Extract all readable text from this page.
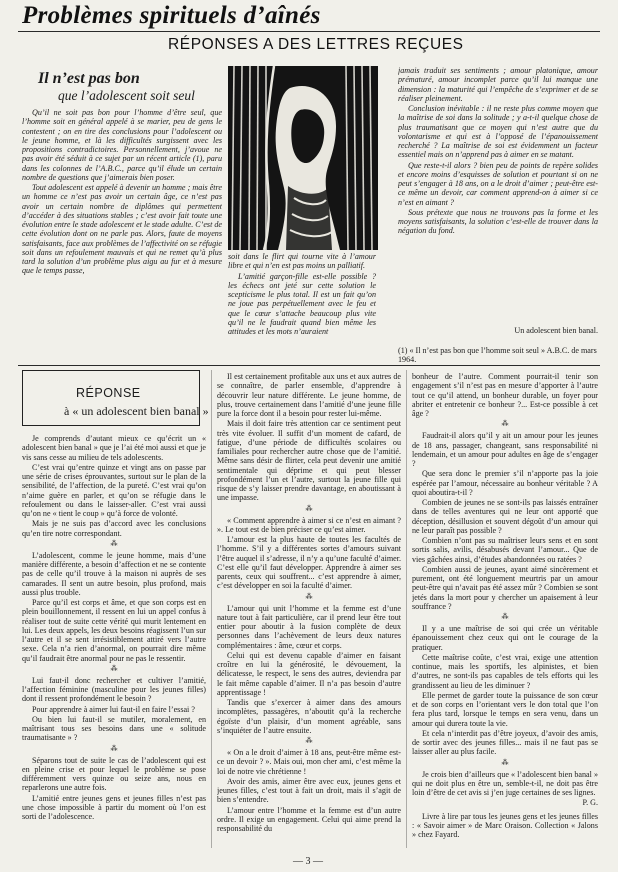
Problèmes spirituels d’aînés
RÉPONSES A DES LETTRES REÇUES
Il n’est pas bon
que l’adolescent soit seul

Qu’il ne soit pas bon pour l’homme d’être seul, que l’homme soit en général appelé à se marier, peu de gens le contestent ; on en tire des conclusions pour l’adolescent ou le jeune homme, et là les difficultés surgissent avec les propositions contradictoires. Personnellement, j’avoue ne pas avoir été séduit à ce sujet par un récent article (1), paru dans les colonnes de l’A.B.C., parce qu’il élude un certain nombre de questions que j’aimerais bien poser.

Tout adolescent est appelé à devenir un homme ; mais être un homme ce n’est pas avoir un certain âge, ce n’est pas avoir un certain nombre de diplômes qui permettent d’accéder à des situations stables ; c’est avoir fait toute une évolution entre le stade adolescent et le stade adulte. C’est de cette évolution dont on ne parle pas. Alors, faute de moyens satisfaisants, face aux problèmes de l’affectivité on se réfugie soit dans un refoulement mauvais et qui ne remet qu’à plus tard la solution d’un problème plus aigu au fur et à mesure que le temps passe,

soit dans le flirt qui tourne vite à l’amour libre et qui n’en est pas moins un palliatif.

L’amitié garçon-fille est-elle possible ? les échecs ont jeté sur cette solution le scepticisme le plus total. Il est un fait qu’on ne joue pas perpétuellement avec le feu et que le cœur s’attache beaucoup plus vite qu’il ne le faudrait quand bien même les attitudes et les mots n’auraient

jamais traduit ses sentiments ; amour platonique, amour prématuré, amour incomplet parce qu’il lui manque une dimension : la maturité qui l’empêche de s’exprimer et de se réaliser pleinement.

Conclusion inévitable : il ne reste plus comme moyen que la maîtrise de soi dans la solitude ; y a-t-il quelque chose de plus traumatisant que ce moyen qui n’est autre que du volontarisme et qui est à l’opposé de l’épanouissement recherché ? La maîtrise de soi est évidemment un facteur essentiel mais on n’apprend pas à aimer en se matant.

Que reste-t-il alors ? bien peu de points de repère solides et encore moins d’esquisses de solution et pourtant si on ne peut s’engager à 18 ans, on a le droit d’aimer ; peut-être est-ce même un devoir, car comment apprend-on à aimer si ce n’est en aimant ?

Sous prétexte que nous ne trouvons pas la forme et les moyens satisfaisants, la solution c’est-elle de trouver dans la négation du fond.

Un adolescent bien banal.
(1) « Il n’est pas bon que l’homme soit seul » A.B.C. de mars 1964.
RÉPONSE
à « un adolescent bien banal »

Je comprends d’autant mieux ce qu’écrit un « adolescent bien banal » que je l’ai été moi aussi et que je vis sans cesse au milieu de tels adolescents.

C’est vrai qu’entre quinze et vingt ans on passe par une série de crises éprouvantes, surtout sur le plan de la sensibilité, de l’affection, de la pureté. C’est vrai qu’on n’aime guère en parler, et qu’on se réfugie dans le refoulement ou dans le laisser-aller. C’est vrai aussi qu’on ne « tient le coup » qu’à force de volonté.

Mais je ne suis pas d’accord avec les conclusions qu’en tire notre correspondant.

⁂

L’adolescent, comme le jeune homme, mais d’une manière différente, a besoin d’affection et ne se contente pas de celle qu’il trouve à la maison ni auprès de ses camarades. Il sent un autre besoin, plus profond, mais aussi plus trouble.

Parce qu’il est corps et âme, et que son corps est en plein bouillonnement, il ressent en lui un appel confus à réaliser tout de suite cette vérité qui murit lentement en lui. Les deux appels, les deux besoins réagissent l’un sur l’autre et il se sent irrésistiblement attiré vers l’autre sexe. Cela n’a rien d’anormal, on pourrait dire même qu’il faudrait être anormal pour ne pas le ressentir.

⁂

Lui faut-il donc rechercher et cultiver l’amitié, l’affection féminine (masculine pour les jeunes filles) dont il ressent profondément le besoin ?

Pour apprendre à aimer lui faut-il en faire l’essai ?

Ou bien lui faut-il se mutiler, moralement, en maîtrisant tous ses besoins dans une « solitude traumatisante » ?

⁂

Séparons tout de suite le cas de l’adolescent qui est en pleine crise et pour lequel le problème se pose différemment vers quinze ou seize ans, nous en reparlerons une autre fois.

L’amitié entre jeunes gens et jeunes filles n’est pas une chose impossible à partir du moment où l’on est sorti de l’adolescence.

Il est certainement profitable aux uns et aux autres de se connaître, de parler ensemble, d’apprendre à découvrir leur nature différente. Le jeune homme, de plus, trouve certainement dans l’amitié d’une jeune fille pure la force dont il a besoin pour rester lui-même.

Mais il doit faire très attention car ce sentiment peut très vite évoluer. Il suffit d’un moment de cafard, de fatigue, d’une période de difficultés scolaires ou familiales pour rechercher autre chose que de l’amitié. Même sans désir de flirter, cela peut devenir une amitié sentimentale qui déprime et qui peut blesser profondément l’un et l’autre, surtout la jeune fille qui risque de s’y laisser prendre davantage, en aboutissant à une impasse.

⁂

« Comment apprendre à aimer si ce n’est en aimant ? ». Le tout est de bien préciser ce qu’est aimer.

L’amour est la plus haute de toutes les facultés de l’homme. S’il y a différentes sortes d’amours suivant l’être auquel il s’adresse, il n’y a qu’une faculté d’aimer. C’est elle qu’il faut développer. Apprendre à aimer ses parents, ceux qui souffrent... c’est apprendre à aimer, c’est développer en soi la faculté d’aimer.

⁂

L’amour qui unit l’homme et la femme est d’une nature tout à fait particulière, car il prend leur être tout entier pour aboutir à la fusion complète de deux personnes dans l’achèvement de leurs deux natures complémentaires : âme, cœur et corps.

Celui qui est devenu capable d’aimer en faisant croître en lui la générosité, le dévouement, la délicatesse, le respect, le sens des autres, deviendra par le fait même capable d’aimer. Il n’a pas besoin d’autre apprentissage !

Tandis que s’exercer à aimer dans des amours incomplètes, passagères, n’aboutit qu’à la recherche égoïste d’un plaisir, d’un moment agréable, sans s’inquiéter de l’autre ensuite.

⁂

« On a le droit d’aimer à 18 ans, peut-être même est-ce un devoir ? ». Mais oui, mon cher ami, c’est même la loi de notre vie chrétienne !

Avoir des amis, aimer être avec eux, jeunes gens et jeunes filles, c’est tout à fait un droit, mais il s’agit de bien s’entendre.

L’amour entre l’homme et la femme est d’un autre ordre. Il exige un engagement. Celui qui aime prend la responsabilité du

bonheur de l’autre. Comment pourrait-il tenir son engagement s’il n’est pas en mesure d’apporter à l’autre tout ce qu’il attend, un bonheur durable, un foyer pour abriter et entretenir ce bonheur ?... Est-ce possible à cet âge ?

⁂

Faudrait-il alors qu’il y ait un amour pour les jeunes de 18 ans, passager, changeant, sans responsabilité ni lendemain, et un amour pour adultes en âge de s’engager ?

Que sera donc le premier s’il n’apporte pas la joie espérée par l’amour, nécessaire au bonheur véritable ? A quoi aboutira-t-il ?

Combien de jeunes ne se sont-ils pas laissés entraîner dans de telles aventures qui ne leur ont apporté que déception, désillusion et souvent dégoût d’un amour qui ne leur paraît pas possible ?

Combien n’ont pas su maîtriser leurs sens et en sont sortis salis, avilis, désabusés devant l’amour... Que de vies gâchées ainsi, d’études abandonnées ou ratées ?

Combien aussi de jeunes, ayant aimé sincèrement et purement, ont été longuement meurtris par un amour peut-être qui n’avait pas été assez mûr ? Combien se sont jetés dans la mort pour y chercher un apaisement à leur souffrance ?

⁂

Il y a une maîtrise de soi qui crée un véritable épanouissement chez ceux qui ont le courage de la pratiquer.

Cette maîtrise coûte, c’est vrai, exige une attention continue, mais les sportifs, les alpinistes, et bien d’autres, ne sont-ils pas capables de tels efforts qui les grandissent au lieu de les diminuer ?

Elle permet de garder toute la puissance de son cœur et de son corps en l’orientant vers le don total que l’on fera plus tard, lorsque le temps en sera venu, dans un amour qui durera toute la vie.

Et cela n’interdit pas d’être joyeux, d’avoir des amis, de sortir avec des jeunes filles... mais il ne faut pas se laisser aller au plus facile.

⁂

Je crois bien d’ailleurs que « l’adolescent bien banal » qui ne doit plus en être un, semble-t-il, ne doit pas être loin d’être de cet avis si j’en juge certaines de ses lignes.

P. G.

Livre à lire par tous les jeunes gens et les jeunes filles : « Savoir aimer » de Marc Oraison. Collection « Jalons » chez Fayard.

— 3 —
